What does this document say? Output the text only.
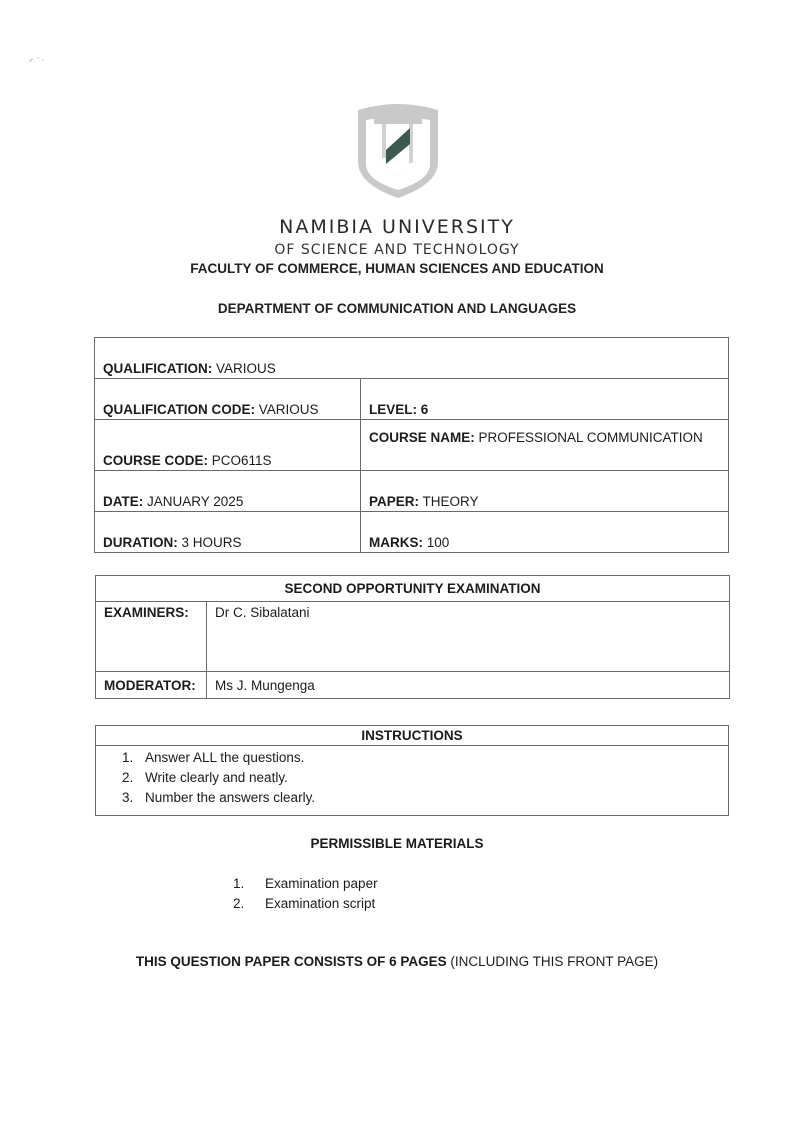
NAMIBIA UNIVERSITY
OF SCIENCE AND TECHNOLOGY
FACULTY OF COMMERCE, HUMAN SCIENCES AND EDUCATION
DEPARTMENT OF COMMUNICATION AND LANGUAGES
QUALIFICATION: VARIOUS	
QUALIFICATION CODE: VARIOUS	LEVEL: 6
COURSE CODE: PCO611S	COURSE NAME: PROFESSIONAL COMMUNICATION
DATE: JANUARY 2025	PAPER: THEORY
DURATION: 3 HOURS	MARKS: 100
SECOND OPPORTUNITY EXAMINATION	
EXAMINERS:	Dr C. Sibalatani
MODERATOR:	Ms J. Mungenga
INSTRUCTIONS
1. Answer ALL the questions.
2. Write clearly and neatly.
3. Number the answers clearly.
PERMISSIBLE MATERIALS
1. Examination paper
2. Examination script
THIS QUESTION PAPER CONSISTS OF 6 PAGES (INCLUDING THIS FRONT PAGE)
